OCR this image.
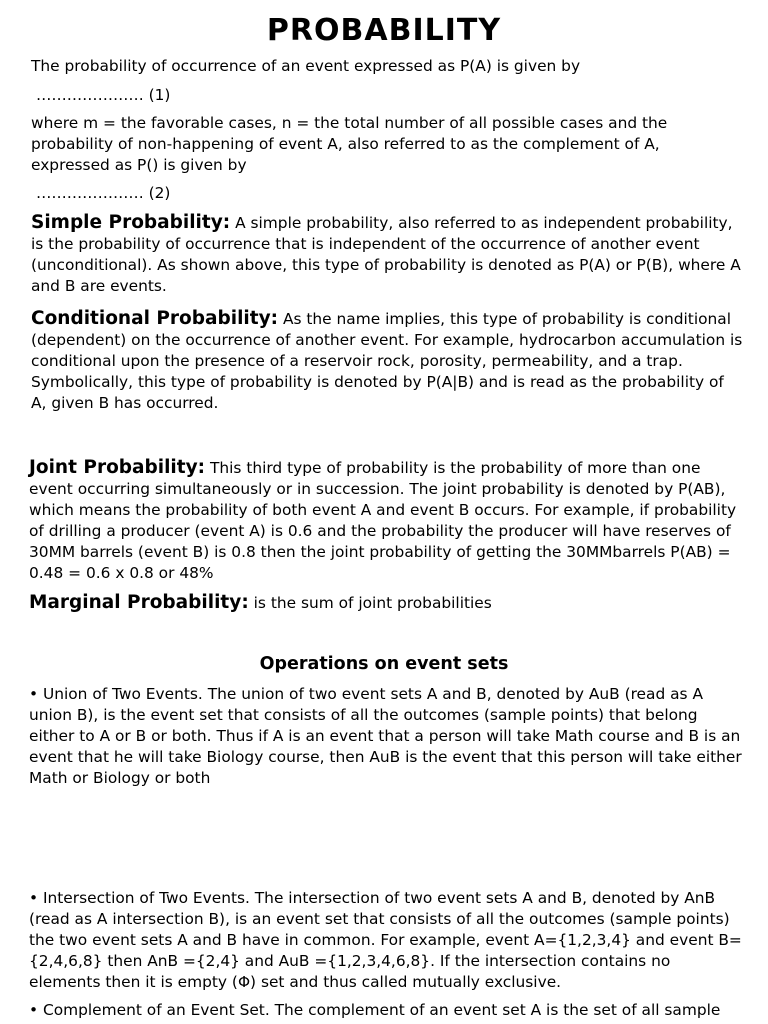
PROBABILITY

The probability of occurrence of an event expressed as P(A) is given by

………………… (1)

where m = the favorable cases, n = the total number of all possible cases and the probability of non-happening of event A, also referred to as the complement of A, expressed as P() is given by

………………… (2)

Simple Probability: A simple probability, also referred to as independent probability, is the probability of occurrence that is independent of the occurrence of another event (unconditional). As shown above, this type of probability is denoted as P(A) or P(B), where A and B are events.

Conditional Probability: As the name implies, this type of probability is conditional (dependent) on the occurrence of another event. For example, hydrocarbon accumulation is conditional upon the presence of a reservoir rock, porosity, permeability, and a trap. Symbolically, this type of probability is denoted by P(A|B) and is read as the probability of A, given B has occurred.

Joint Probability: This third type of probability is the probability of more than one event occurring simultaneously or in succession. The joint probability is denoted by P(AB), which means the probability of both event A and event B occurs. For example, if probability of drilling a producer (event A) is 0.6 and the probability the producer will have reserves of 30MM barrels (event B) is 0.8 then the joint probability of getting the 30MMbarrels P(AB) = 0.48 = 0.6 x 0.8 or 48%

Marginal Probability: is the sum of joint probabilities

Operations on event sets

• Union of Two Events. The union of two event sets A and B, denoted by AuB (read as A union B), is the event set that consists of all the outcomes (sample points) that belong either to A or B or both. Thus if A is an event that a person will take Math course and B is an event that he will take Biology course, then AuB is the event that this person will take either Math or Biology or both

• Intersection of Two Events. The intersection of two event sets A and B, denoted by AnB (read as A intersection B), is an event set that consists of all the outcomes (sample points) the two event sets A and B have in common. For example, event A={1,2,3,4} and event B={2,4,6,8} then AnB ={2,4} and AuB ={1,2,3,4,6,8}. If the intersection contains no elements then it is empty (Φ) set and thus called mutually exclusive.

• Complement of an Event Set. The complement of an event set A is the set of all sample
